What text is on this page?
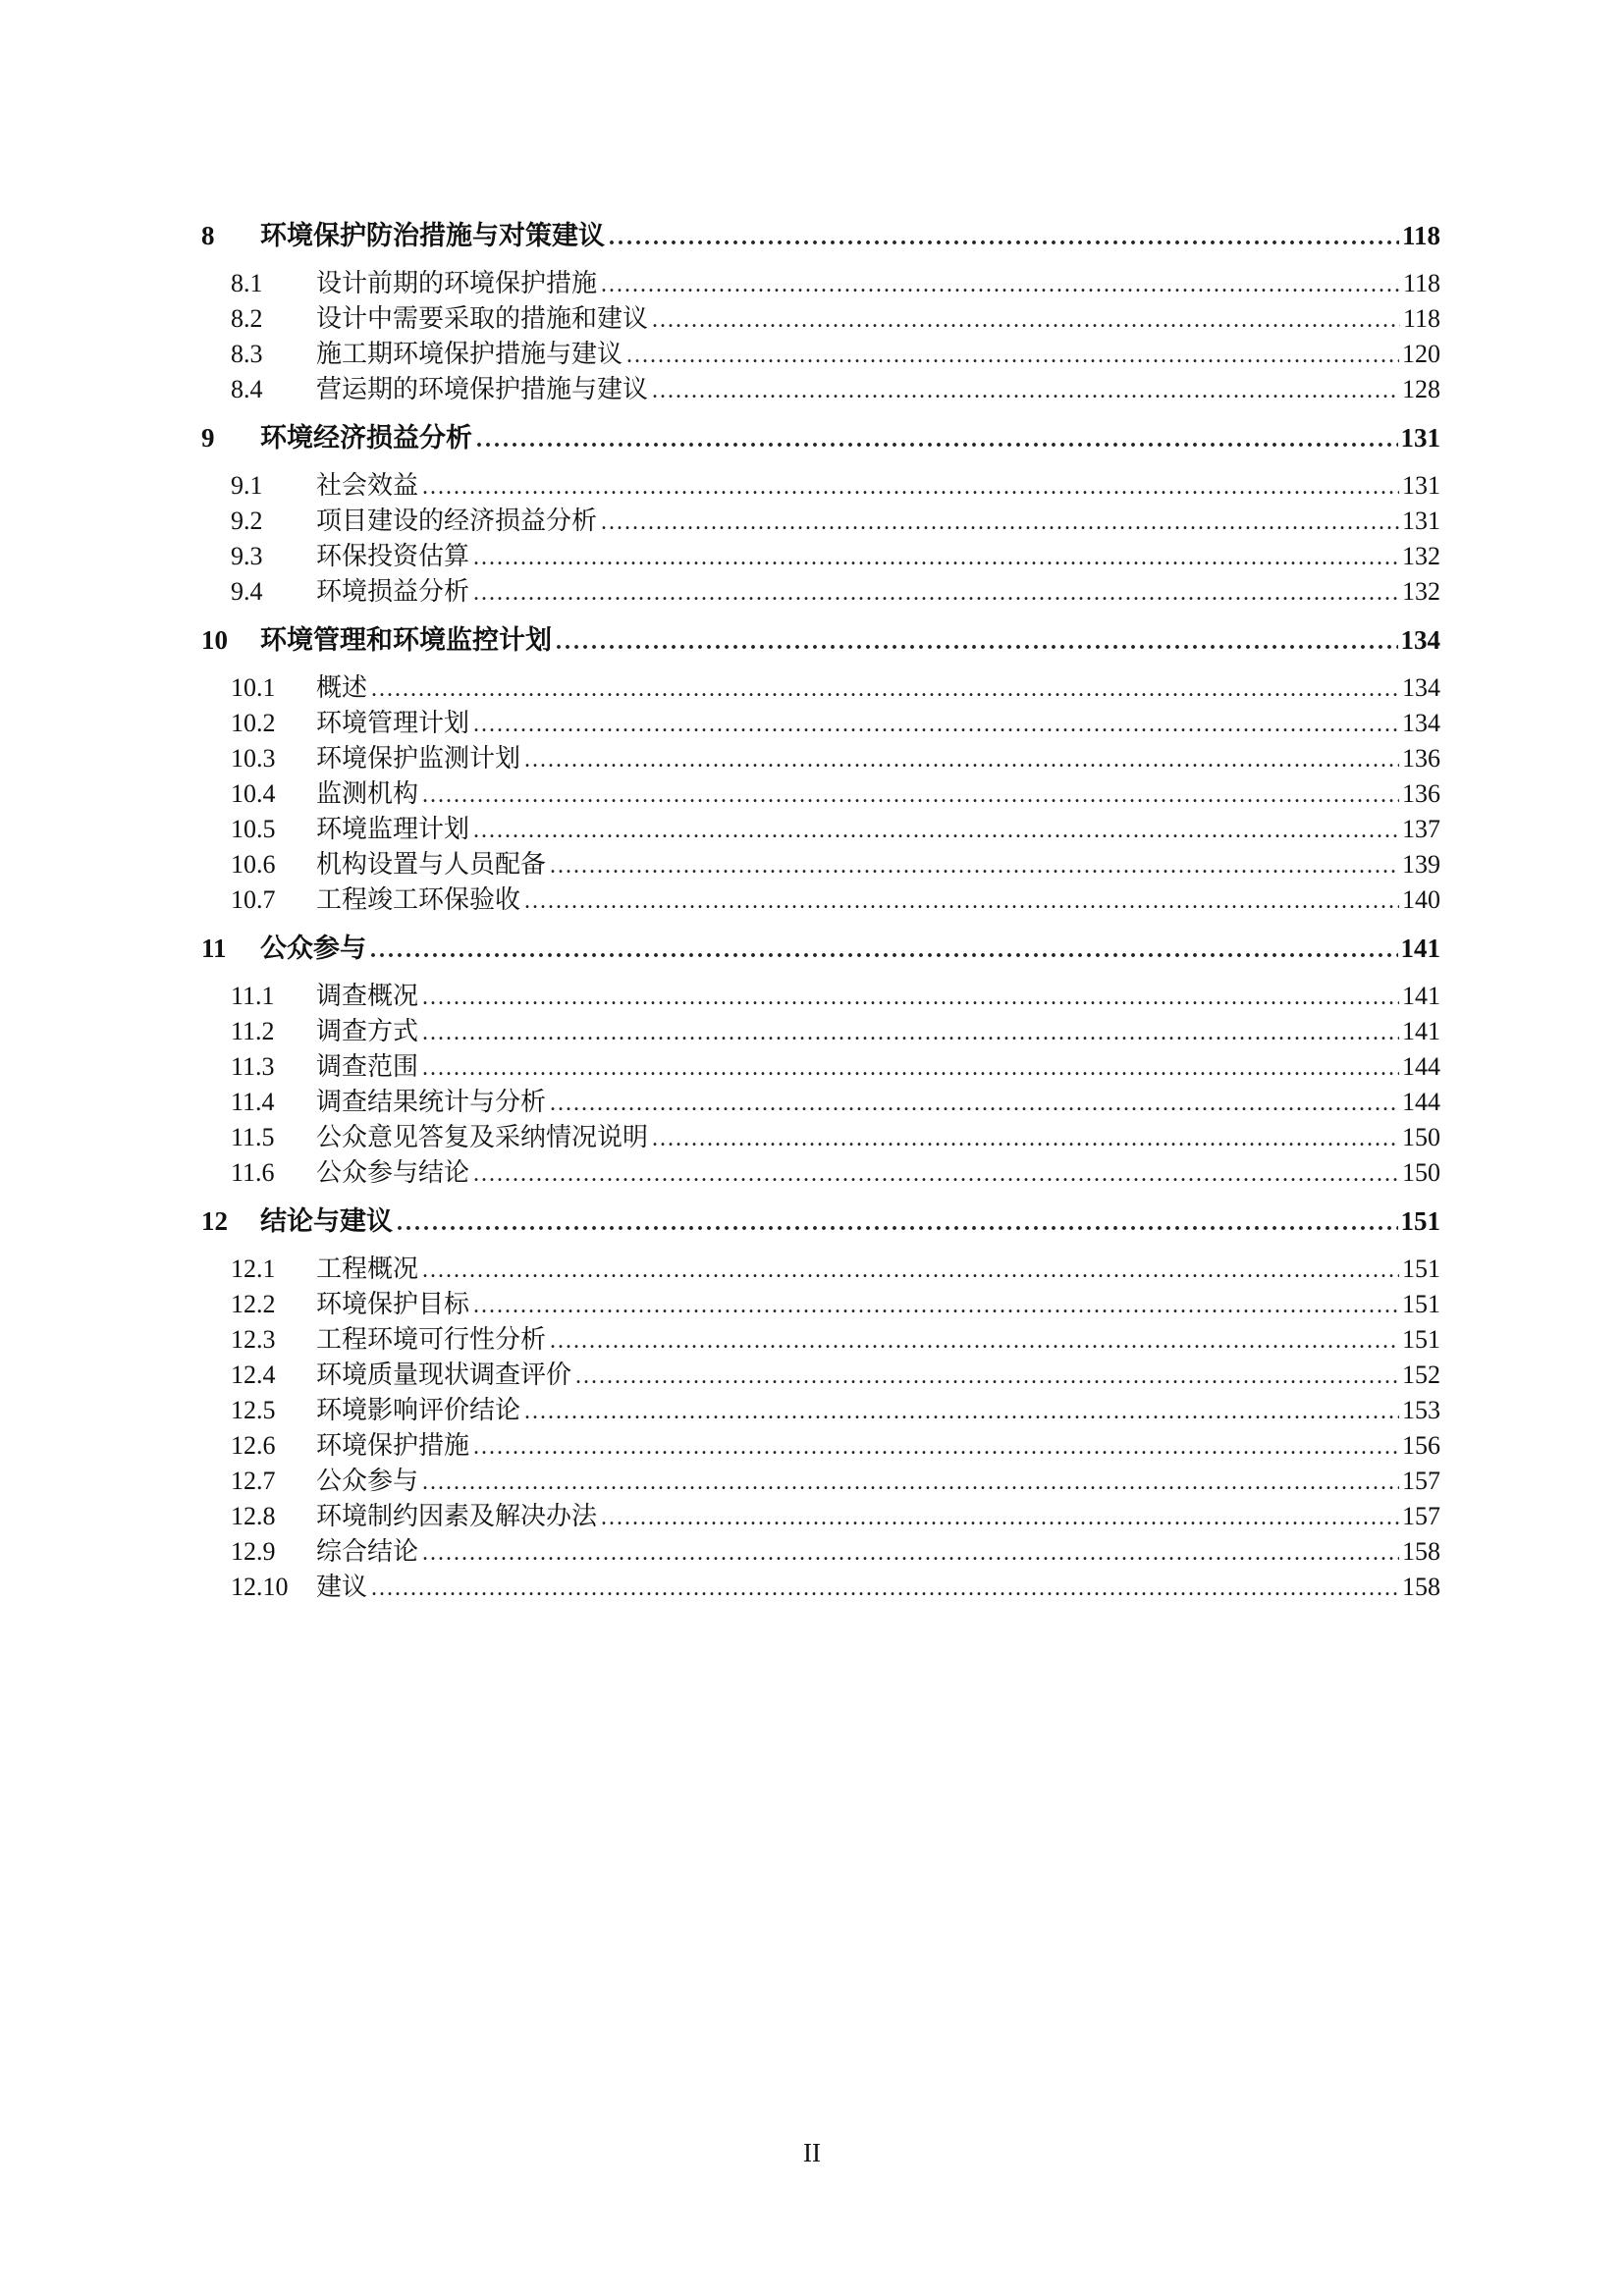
8	环境保护防治措施与对策建议 .....	118
8.1	设计前期的环境保护措施 .....	118
8.2	设计中需要采取的措施和建议 .....	118
8.3	施工期环境保护措施与建议 .....	120
8.4	营运期的环境保护措施与建议 .....	128
9	环境经济损益分析 .....	131
9.1	社会效益 .....	131
9.2	项目建设的经济损益分析 .....	131
9.3	环保投资估算 .....	132
9.4	环境损益分析 .....	132
10	环境管理和环境监控计划 .....	134
10.1	概述 .....	134
10.2	环境管理计划 .....	134
10.3	环境保护监测计划 .....	136
10.4	监测机构 .....	136
10.5	环境监理计划 .....	137
10.6	机构设置与人员配备 .....	139
10.7	工程竣工环保验收 .....	140
11	公众参与 .....	141
11.1	调查概况 .....	141
11.2	调查方式 .....	141
11.3	调查范围 .....	144
11.4	调查结果统计与分析 .....	144
11.5	公众意见答复及采纳情况说明 .....	150
11.6	公众参与结论 .....	150
12	结论与建议 .....	151
12.1	工程概况 .....	151
12.2	环境保护目标 .....	151
12.3	工程环境可行性分析 .....	151
12.4	环境质量现状调查评价 .....	152
12.5	环境影响评价结论 .....	153
12.6	环境保护措施 .....	156
12.7	公众参与 .....	157
12.8	环境制约因素及解决办法 .....	157
12.9	综合结论 .....	158
12.10	建议 .....	158
II
